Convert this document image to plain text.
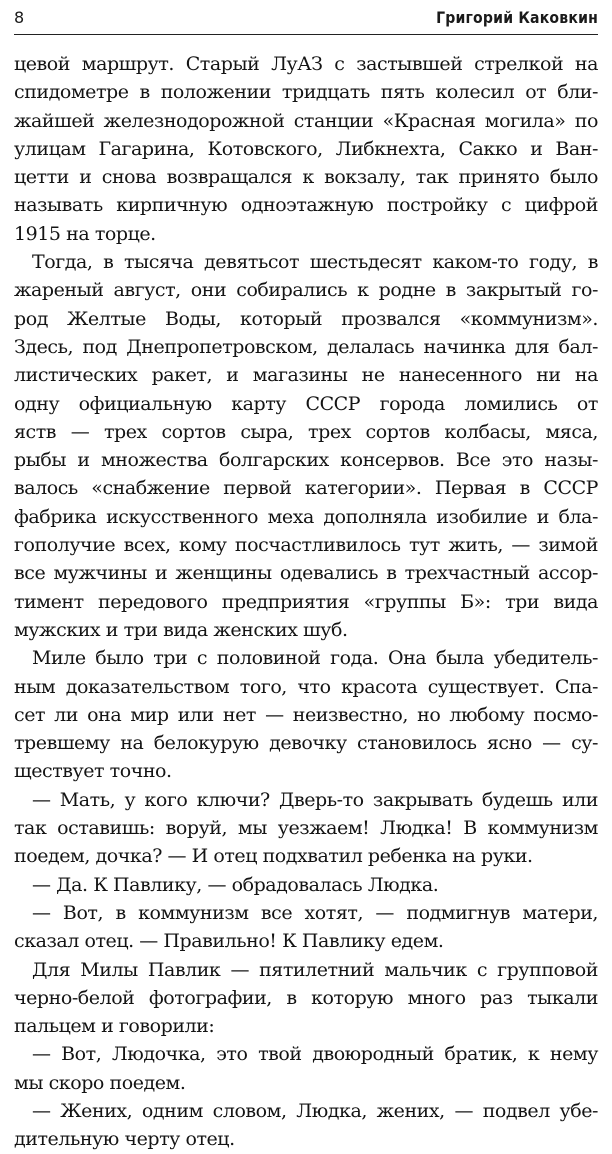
8	Григорий Каковкин
цевой маршрут. Старый ЛуАЗ с застывшей стрелкой на
спидометре в положении тридцать пять колесил от бли-
жайшей железнодорожной станции «Красная могила» по
улицам Гагарина, Котовского, Либкнехта, Сакко и Ван-
цетти и снова возвращался к вокзалу, так принято было
называть кирпичную одноэтажную постройку с цифрой
1915 на торце.
Тогда, в тысяча девятьсот шестьдесят каком-то году, в
жареный август, они собирались к родне в закрытый го-
род Желтые Воды, который прозвался «коммунизм».
Здесь, под Днепропетровском, делалась начинка для бал-
листических ракет, и магазины не нанесенного ни на
одну официальную карту СССР города ломились от
яств — трех сортов сыра, трех сортов колбасы, мяса,
рыбы и множества болгарских консервов. Все это назы-
валось «снабжение первой категории». Первая в СССР
фабрика искусственного меха дополняла изобилие и бла-
гополучие всех, кому посчастливилось тут жить, — зимой
все мужчины и женщины одевались в трехчастный ассор-
тимент передового предприятия «группы Б»: три вида
мужских и три вида женских шуб.
Миле было три с половиной года. Она была убедитель-
ным доказательством того, что красота существует. Спа-
сет ли она мир или нет — неизвестно, но любому посмо-
тревшему на белокурую девочку становилось ясно — су-
ществует точно.
— Мать, у кого ключи? Дверь-то закрывать будешь или
так оставишь: воруй, мы уезжаем! Людка! В коммунизм
поедем, дочка? — И отец подхватил ребенка на руки.
— Да. К Павлику, — обрадовалась Людка.
— Вот, в коммунизм все хотят, — подмигнув матери,
сказал отец. — Правильно! К Павлику едем.
Для Милы Павлик — пятилетний мальчик с групповой
черно-белой фотографии, в которую много раз тыкали
пальцем и говорили:
— Вот, Людочка, это твой двоюродный братик, к нему
мы скоро поедем.
— Жених, одним словом, Людка, жених, — подвел убе-
дительную черту отец.
